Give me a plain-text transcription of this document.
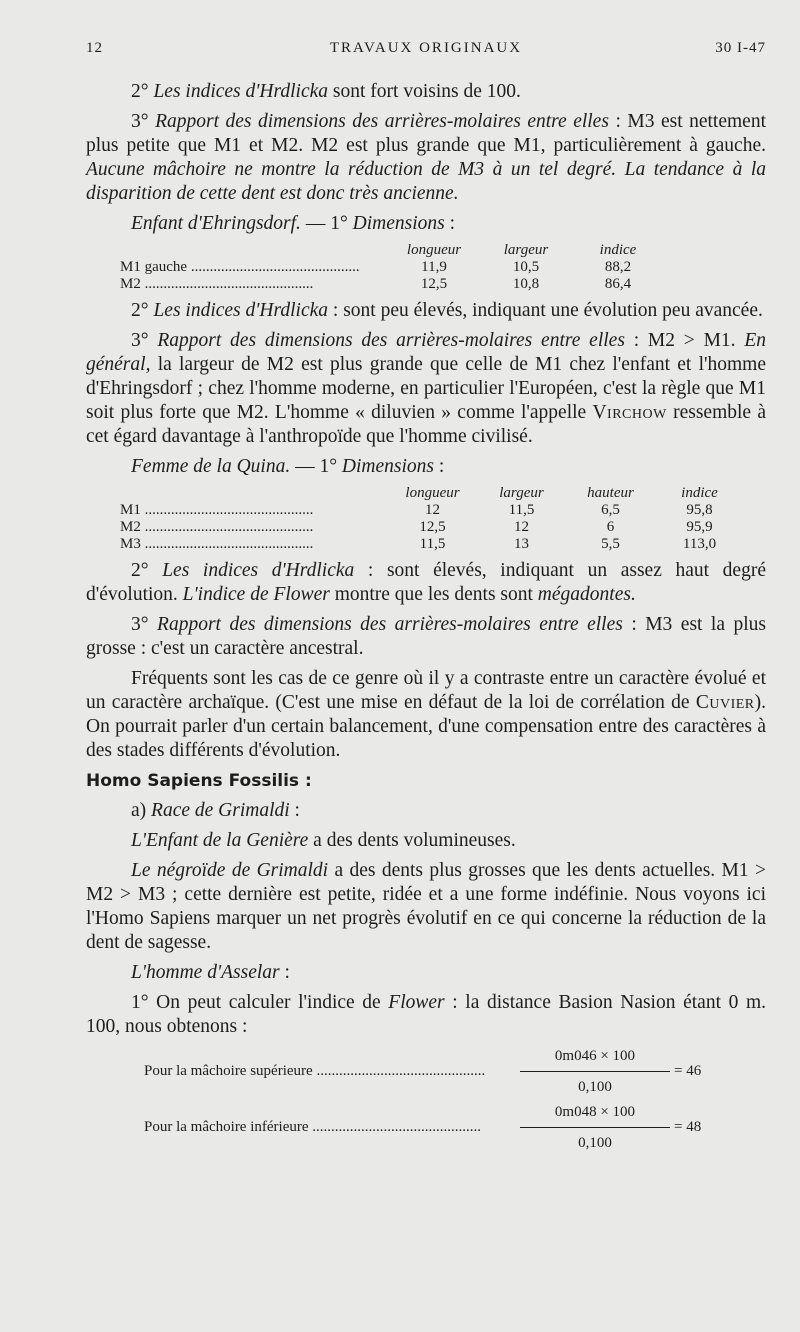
12	TRAVAUX ORIGINAUX	30 I-47

2° Les indices d'Hrdlicka sont fort voisins de 100.

3° Rapport des dimensions des arrières-molaires entre elles : M3 est nettement plus petite que M1 et M2. M2 est plus grande que M1, particulièrement à gauche. Aucune mâchoire ne montre la réduction de M3 à un tel degré. La tendance à la disparition de cette dent est donc très ancienne.

Enfant d'Ehringsdorf. — 1° Dimensions :

	longueur	largeur	indice
M1 gauche .....	11,9	10,5	88,2
M2 .....	12,5	10,8	86,4

2° Les indices d'Hrdlicka : sont peu élevés, indiquant une évolution peu avancée.

3° Rapport des dimensions des arrières-molaires entre elles : M2 > M1. En général, la largeur de M2 est plus grande que celle de M1 chez l'enfant et l'homme d'Ehringsdorf ; chez l'homme moderne, en particulier l'Européen, c'est la règle que M1 soit plus forte que M2. L'homme « diluvien » comme l'appelle Virchow ressemble à cet égard davantage à l'anthropoïde que l'homme civilisé.

Femme de la Quina. — 1° Dimensions :

	longueur	largeur	hauteur	indice
M1 .....	12	11,5	6,5	95,8
M2 .....	12,5	12	6	95,9
M3 .....	11,5	13	5,5	113,0

2° Les indices d'Hrdlicka : sont élevés, indiquant un assez haut degré d'évolution. L'indice de Flower montre que les dents sont mégadontes.

3° Rapport des dimensions des arrières-molaires entre elles : M3 est la plus grosse : c'est un caractère ancestral.

Fréquents sont les cas de ce genre où il y a contraste entre un caractère évolué et un caractère archaïque. (C'est une mise en défaut de la loi de corrélation de Cuvier). On pourrait parler d'un certain balancement, d'une compensation entre des caractères à des stades différents d'évolution.

Homo Sapiens Fossilis :

a) Race de Grimaldi :

L'Enfant de la Genière a des dents volumineuses.

Le négroïde de Grimaldi a des dents plus grosses que les dents actuelles. M1 > M2 > M3 ; cette dernière est petite, ridée et a une forme indéfinie. Nous voyons ici l'Homo Sapiens marquer un net progrès évolutif en ce qui concerne la réduction de la dent de sagesse.

L'homme d'Asselar :

1° On peut calculer l'indice de Flower : la distance Basion Nasion étant 0 m. 100, nous obtenons :

Pour la mâchoire supérieure .....
0m046 × 100
0,100
= 46
Pour la mâchoire inférieure .....
0m048 × 100
0,100
= 48
